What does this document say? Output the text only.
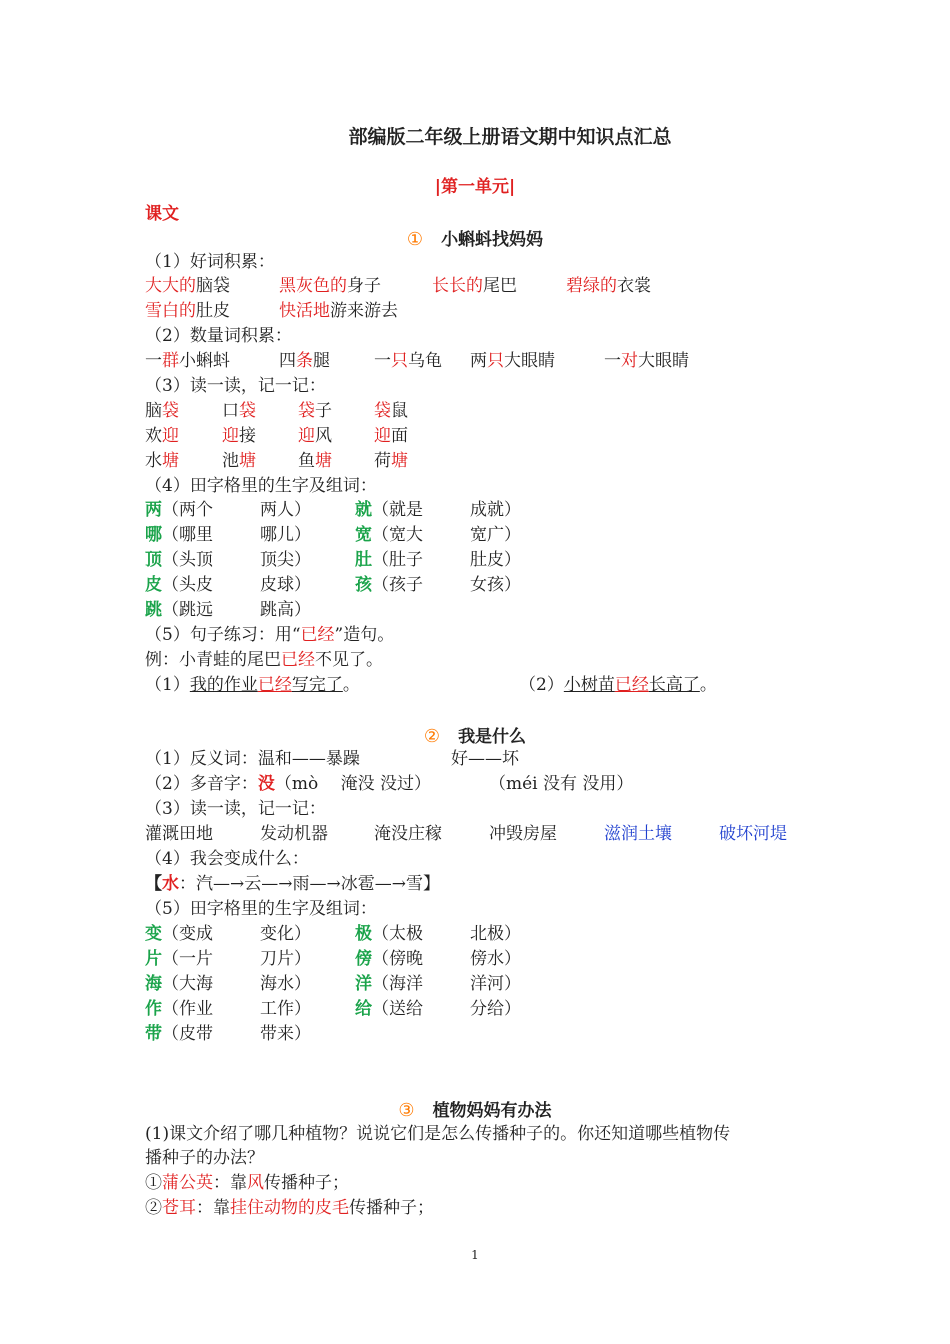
部编版二年级上册语文期中知识点汇总
|第一单元|
课文
① 小蝌蚪找妈妈
（1）好词积累：
大大的脑袋	黑灰色的身子	长长的尾巴	碧绿的衣裳
雪白的肚皮	快活地游来游去
（2）数量词积累：
一群小蝌蚪	四条腿	一只乌龟 两只大眼睛	一对大眼睛
（3）读一读，记一记：
脑袋	口袋 袋子 袋鼠
欢迎	迎接 迎风 迎面
水塘	池塘 鱼塘 荷塘
（4）田字格里的生字及组词：
两（两个	两人）	就（就是	成就）
哪（哪里	哪儿）	宽（宽大	宽广）
顶（头顶	顶尖）	肚（肚子	肚皮）
皮（头皮	皮球）	孩（孩子	女孩）
跳（跳远	跳高）
（5）句子练习：用“已经”造句。
例：小青蛙的尾巴已经不见了。
（1）我的作业已经写完了。	（2）小树苗已经长高了。
② 我是什么
（1）反义词：温和——暴躁	好——坏
（2）多音字：没（mò　 淹没 没过）	（méi 没有 没用）
（3）读一读，记一记：
灌溉田地	发动机器	淹没庄稼	冲毁房屋	滋润土壤	破坏河堤
（4）我会变成什么：
【水：汽—→云—→雨—→冰雹—→雪】
（5）田字格里的生字及组词：
变（变成	变化）	极（太极	北极）
片（一片	刀片）	傍（傍晚	傍水）
海（大海	海水）	洋（海洋	洋河）
作（作业	工作）	给（送给	分给）
带（皮带	带来）
③ 植物妈妈有办法
(1)课文介绍了哪几种植物？说说它们是怎么传播种子的。你还知道哪些植物传
播种子的办法？
①蒲公英：靠风传播种子；
②苍耳：靠挂住动物的皮毛传播种子；
1
